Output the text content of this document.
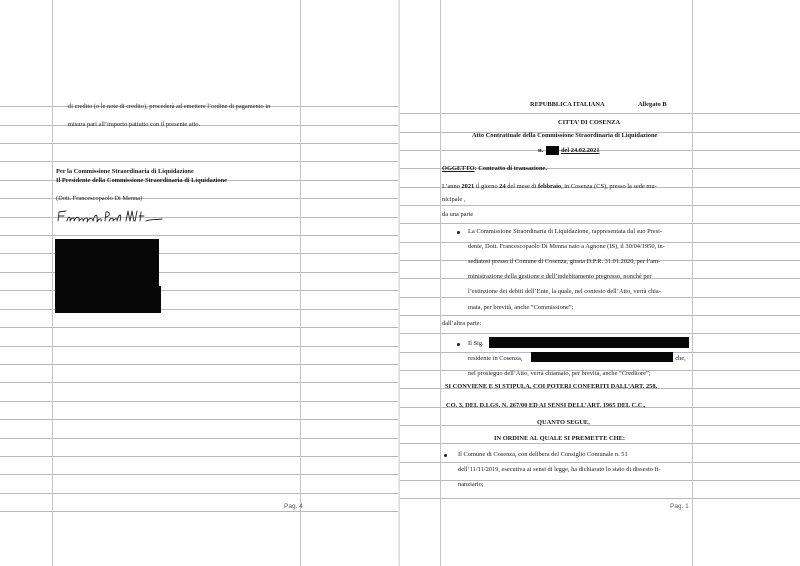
di credito (o le note di credito), procederà ad emettere l’ordine di pagamento in
misura pari all’importo pattuito con il presente atto.
Per la Commissione Straordinaria di Liquidazione
Il Presidente della Commissione Straordinaria di Liquidazione
(Dott. Francescopaolo Di Menna)
Pag. 4
REPUBBLICA ITALIANA	Allegato B
CITTA’ DI COSENZA
Atto Contrattuale della Commissione Straordinaria di Liquidazione
n.	del 24.02.2021
OGGETTO: Contratto di transazione.
L’anno 2021 il giorno 24 del mese di febbraio, in Cosenza (CS), presso la sede mu-
nicipale ,
da una parte
La Commissione Straordinaria di Liquidazione, rappresentata dal suo Presi-
dente, Dott. Francescopaolo Di Menna nato a Agnone (IS), il 30/04/1950, in-
sediatosi presso il Comune di Cosenza, giusta D.P.R. 31.01.2020, per l’am-
ministrazione della gestione e dell’indebitamento pregresso, nonché per
l’estinzione dei debiti dell’Ente, la quale, nel contesto dell’Atto, verrà chia-
mata, per brevità, anche “Commissione”;
dall’altra parte:
Il Sig.
residente in Cosenza,	, che,
nel prosieguo dell’Atto, verrà chiamato, per brevità, anche “Creditore”;
SI CONVIENE E SI STIPULA, COI POTERI CONFERITI DALL’ART. 258,
CO. 3, DEL D.LGS. N. 267/00 ED AI SENSI DELL’ART. 1965 DEL C.C.,
QUANTO SEGUE,
IN ORDINE AL QUALE SI PREMETTE CHE:
Il Comune di Cosenza, con delibera del Consiglio Comunale n. 51
dell’11/11/2019, esecutiva ai sensi di legge, ha dichiarato lo stato di dissesto fi-
nanziario;
Pag. 1
